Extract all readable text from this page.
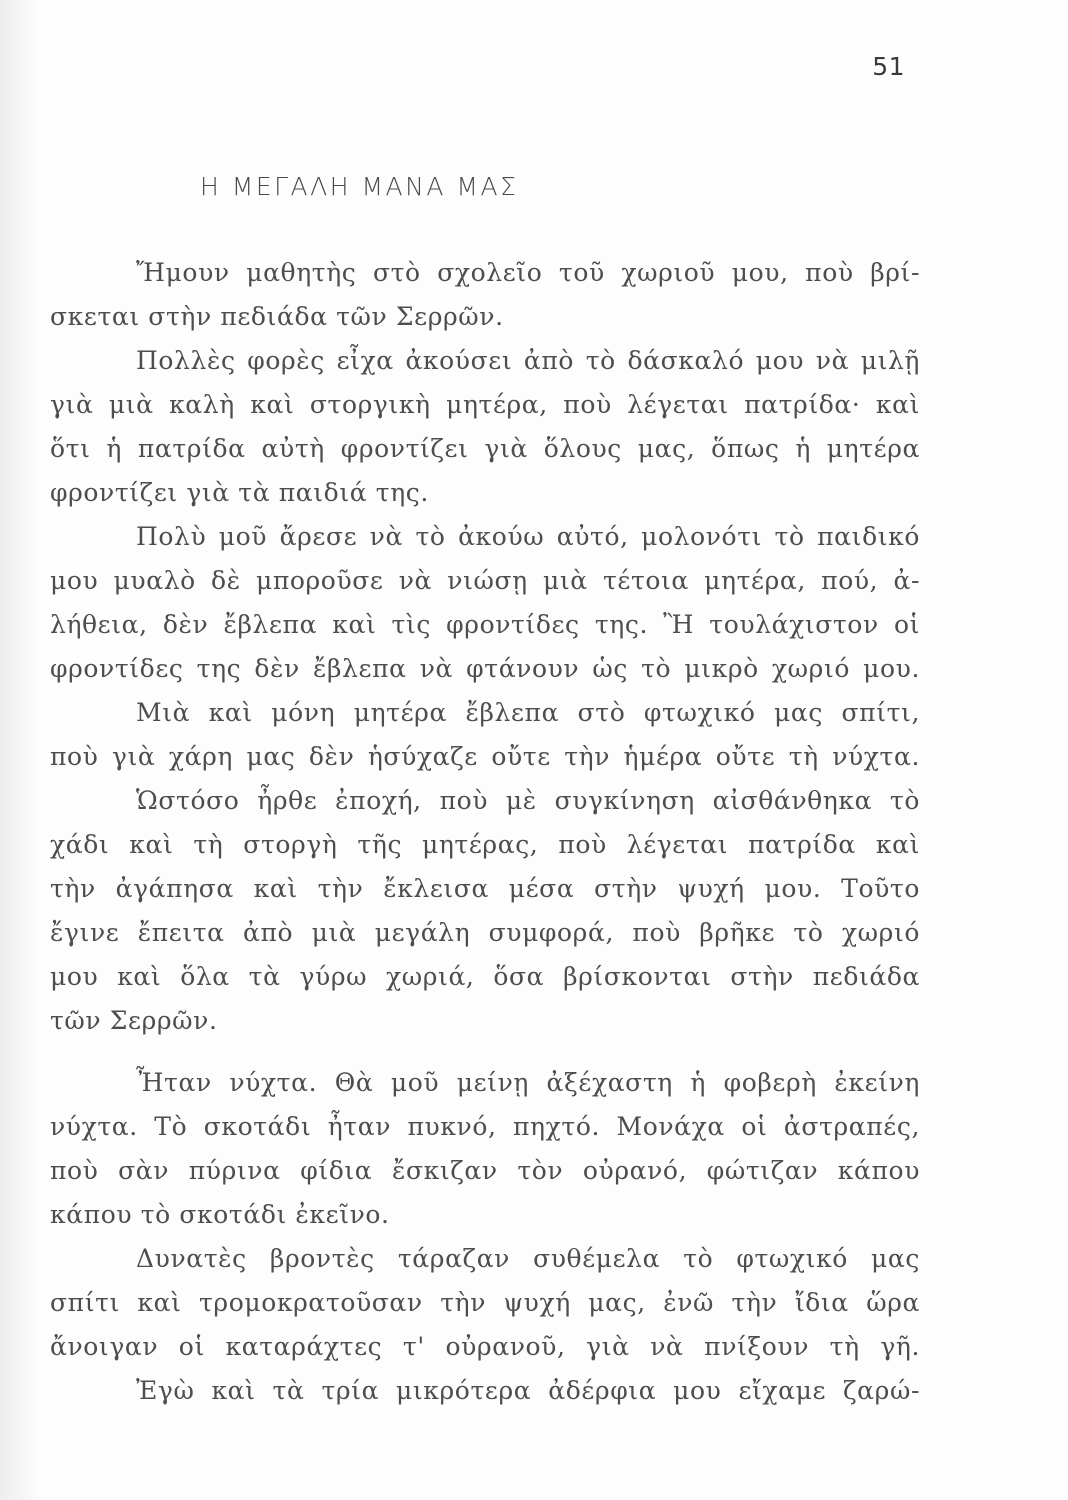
51
Η ΜΕΓΑΛΗ ΜΑΝΑ ΜΑΣ
Ἤμουν μαθητὴς στὸ σχολεῖο τοῦ χωριοῦ μου, ποὺ βρί-
σκεται στὴν πεδιάδα τῶν Σερρῶν.
Πολλὲς φορὲς εἶχα ἀκούσει ἀπὸ τὸ δάσκαλό μου νὰ μιλῇ
γιὰ μιὰ καλὴ καὶ στοργικὴ μητέρα, ποὺ λέγεται πατρίδα· καὶ
ὅτι ἡ πατρίδα αὐτὴ φροντίζει γιὰ ὅλους μας, ὅπως ἡ μητέρα
φροντίζει γιὰ τὰ παιδιά της.
Πολὺ μοῦ ἄρεσε νὰ τὸ ἀκούω αὐτό, μολονότι τὸ παιδικό
μου μυαλὸ δὲ μποροῦσε νὰ νιώσῃ μιὰ τέτοια μητέρα, πού, ἀ-
λήθεια, δὲν ἔβλεπα καὶ τὶς φροντίδες της. Ἢ τουλάχιστον οἱ
φροντίδες της δὲν ἔβλεπα νὰ φτάνουν ὡς τὸ μικρὸ χωριό μου.
Μιὰ καὶ μόνη μητέρα ἔβλεπα στὸ φτωχικό μας σπίτι,
ποὺ γιὰ χάρη μας δὲν ἡσύχαζε οὔτε τὴν ἡμέρα οὔτε τὴ νύχτα.
Ὡστόσο ἦρθε ἐποχή, ποὺ μὲ συγκίνηση αἰσθάνθηκα τὸ
χάδι καὶ τὴ στοργὴ τῆς μητέρας, ποὺ λέγεται πατρίδα καὶ
τὴν ἀγάπησα καὶ τὴν ἔκλεισα μέσα στὴν ψυχή μου. Τοῦτο
ἔγινε ἔπειτα ἀπὸ μιὰ μεγάλη συμφορά, ποὺ βρῆκε τὸ χωριό
μου καὶ ὅλα τὰ γύρω χωριά, ὅσα βρίσκονται στὴν πεδιάδα
τῶν Σερρῶν.
Ἦταν νύχτα. Θὰ μοῦ μείνῃ ἀξέχαστη ἡ φοβερὴ ἐκείνη
νύχτα. Τὸ σκοτάδι ἦταν πυκνό, πηχτό. Μονάχα οἱ ἀστραπές,
ποὺ σὰν πύρινα φίδια ἔσκιζαν τὸν οὐρανό, φώτιζαν κάπου
κάπου τὸ σκοτάδι ἐκεῖνο.
Δυνατὲς βροντὲς τάραζαν συθέμελα τὸ φτωχικό μας
σπίτι καὶ τρομοκρατοῦσαν τὴν ψυχή μας, ἐνῶ τὴν ἴδια ὥρα
ἄνοιγαν οἱ καταράχτες τ' οὐρανοῦ, γιὰ νὰ πνίξουν τὴ γῆ.
Ἐγὼ καὶ τὰ τρία μικρότερα ἀδέρφια μου εἴχαμε ζαρώ-
